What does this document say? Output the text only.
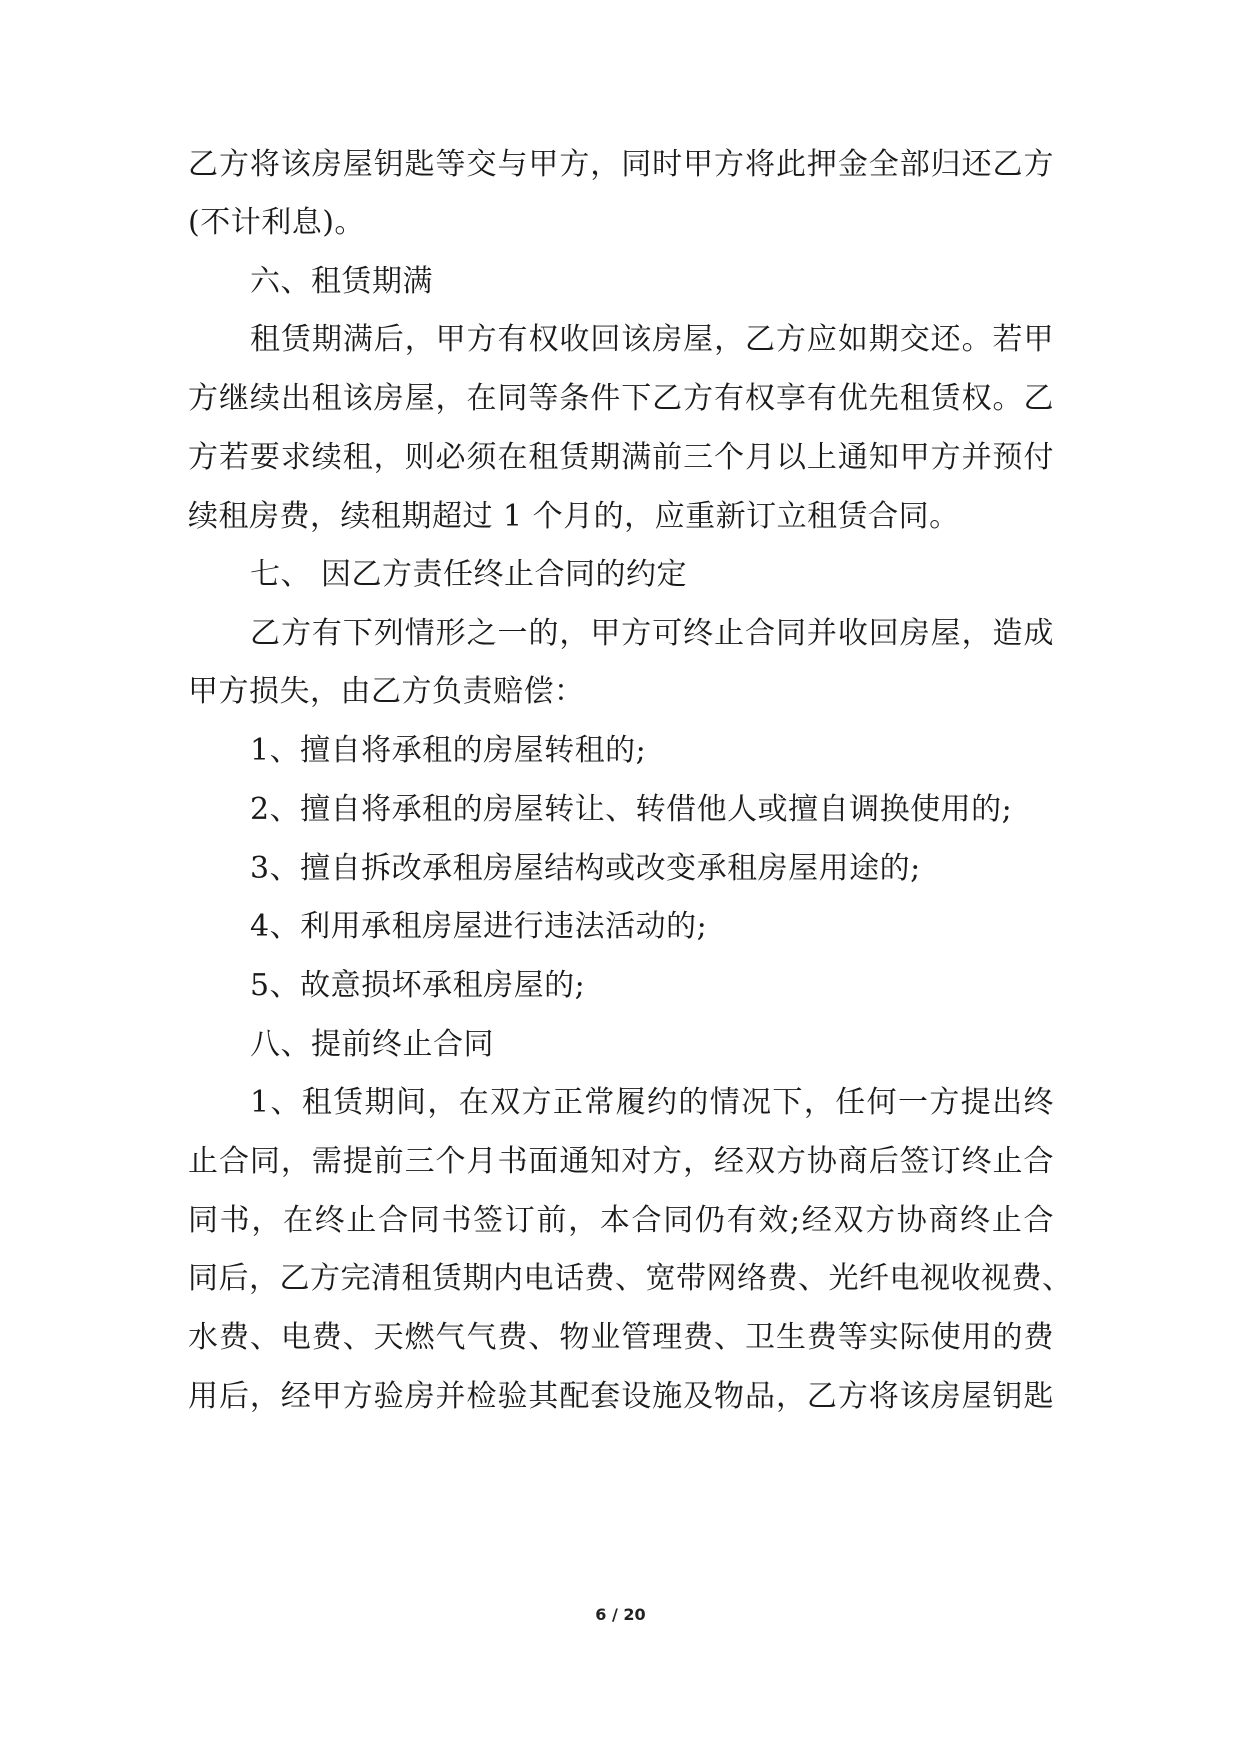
乙方将该房屋钥匙等交与甲方，同时甲方将此押金全部归还乙方
(不计利息)。
六、租赁期满
租赁期满后，甲方有权收回该房屋，乙方应如期交还。若甲
方继续出租该房屋，在同等条件下乙方有权享有优先租赁权。乙
方若要求续租，则必须在租赁期满前三个月以上通知甲方并预付
续租房费，续租期超过 1 个月的，应重新订立租赁合同。
七、 因乙方责任终止合同的约定
乙方有下列情形之一的，甲方可终止合同并收回房屋，造成
甲方损失，由乙方负责赔偿：
1、擅自将承租的房屋转租的;
2、擅自将承租的房屋转让、转借他人或擅自调换使用的;
3、擅自拆改承租房屋结构或改变承租房屋用途的;
4、利用承租房屋进行违法活动的;
5、故意损坏承租房屋的;
八、提前终止合同
1、租赁期间，在双方正常履约的情况下，任何一方提出终
止合同，需提前三个月书面通知对方，经双方协商后签订终止合
同书，在终止合同书签订前，本合同仍有效;经双方协商终止合
同后，乙方完清租赁期内电话费、宽带网络费、光纤电视收视费、
水费、电费、天燃气气费、物业管理费、卫生费等实际使用的费
用后，经甲方验房并检验其配套设施及物品，乙方将该房屋钥匙
6 / 20
